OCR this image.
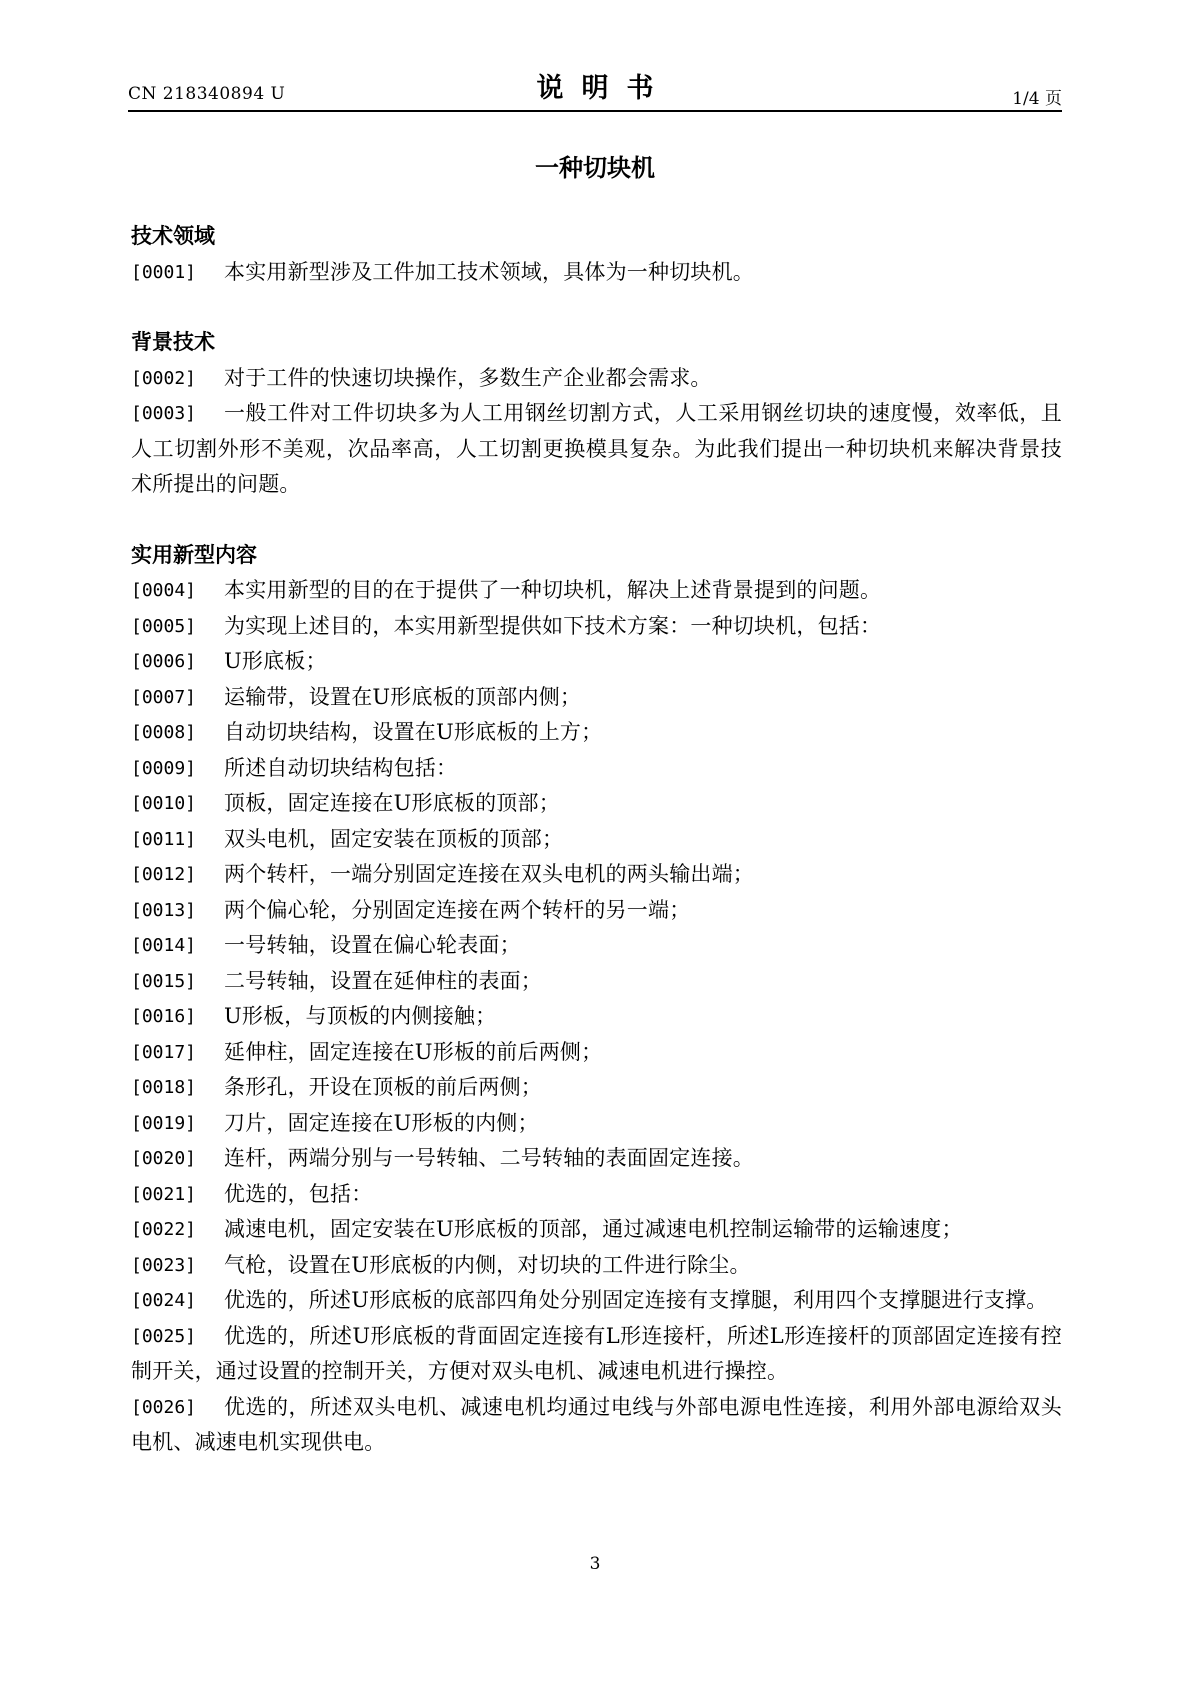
CN 218340894 U	说明书	1/4 页
一种切块机
技术领域
[0001] 本实用新型涉及工件加工技术领域，具体为一种切块机。
背景技术
[0002] 对于工件的快速切块操作，多数生产企业都会需求。
[0003] 一般工件对工件切块多为人工用钢丝切割方式，人工采用钢丝切块的速度慢，效率低，且人工切割外形不美观，次品率高，人工切割更换模具复杂。为此我们提出一种切块机来解决背景技术所提出的问题。
实用新型内容
[0004] 本实用新型的目的在于提供了一种切块机，解决上述背景提到的问题。
[0005] 为实现上述目的，本实用新型提供如下技术方案：一种切块机，包括：
[0006] U形底板；
[0007] 运输带，设置在U形底板的顶部内侧；
[0008] 自动切块结构，设置在U形底板的上方；
[0009] 所述自动切块结构包括：
[0010] 顶板，固定连接在U形底板的顶部；
[0011] 双头电机，固定安装在顶板的顶部；
[0012] 两个转杆，一端分别固定连接在双头电机的两头输出端；
[0013] 两个偏心轮，分别固定连接在两个转杆的另一端；
[0014] 一号转轴，设置在偏心轮表面；
[0015] 二号转轴，设置在延伸柱的表面；
[0016] U形板，与顶板的内侧接触；
[0017] 延伸柱，固定连接在U形板的前后两侧；
[0018] 条形孔，开设在顶板的前后两侧；
[0019] 刀片，固定连接在U形板的内侧；
[0020] 连杆，两端分别与一号转轴、二号转轴的表面固定连接。
[0021] 优选的，包括：
[0022] 减速电机，固定安装在U形底板的顶部，通过减速电机控制运输带的运输速度；
[0023] 气枪，设置在U形底板的内侧，对切块的工件进行除尘。
[0024] 优选的，所述U形底板的底部四角处分别固定连接有支撑腿，利用四个支撑腿进行支撑。
[0025] 优选的，所述U形底板的背面固定连接有L形连接杆，所述L形连接杆的顶部固定连接有控制开关，通过设置的控制开关，方便对双头电机、减速电机进行操控。
[0026] 优选的，所述双头电机、减速电机均通过电线与外部电源电性连接，利用外部电源给双头电机、减速电机实现供电。
3
